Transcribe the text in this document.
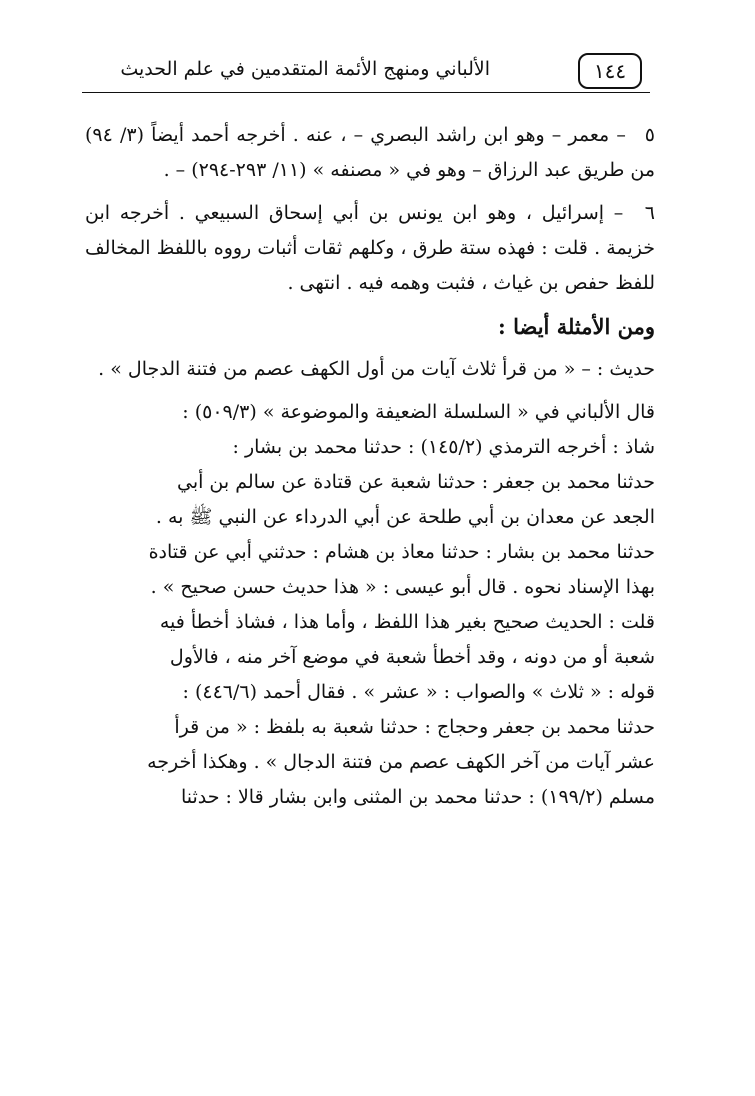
الألباني ومنهج الأئمة المتقدمين في علم الحديث	١٤٤

٥ – معمر – وهو ابن راشد البصري – ، عنه . أخرجه أحمد أيضاً (٣/ ٩٤) من طريق عبد الرزاق – وهو في « مصنفه » (١١/ ٢٩٣-٢٩٤) – .

٦ – إسرائيل ، وهو ابن يونس بن أبي إسحاق السبيعي . أخرجه ابن خزيمة . قلت : فهذه ستة طرق ، وكلهم ثقات أثبات رووه باللفظ المخالف للفظ حفص بن غياث ، فثبت وهمه فيه . انتهى .

ومن الأمثلة أيضا :

حديث : – « من قرأ ثلاث آيات من أول الكهف عصم من فتنة الدجال » .

قال الألباني في « السلسلة الضعيفة والموضوعة » (٥٠٩/٣) :

شاذ : أخرجه الترمذي (١٤٥/٢) : حدثنا محمد بن بشار :
حدثنا محمد بن جعفر : حدثنا شعبة عن قتادة عن سالم بن أبي
الجعد عن معدان بن أبي طلحة عن أبي الدرداء عن النبي ﷺ به .
حدثنا محمد بن بشار : حدثنا معاذ بن هشام : حدثني أبي عن قتادة
بهذا الإسناد نحوه . قال أبو عيسى : « هذا حديث حسن صحيح » .
قلت : الحديث صحيح بغير هذا اللفظ ، وأما هذا ، فشاذ أخطأ فيه
شعبة أو من دونه ، وقد أخطأ شعبة في موضع آخر منه ، فالأول
قوله : « ثلاث » والصواب : « عشر » . فقال أحمد (٤٤٦/٦) :
حدثنا محمد بن جعفر وحجاج : حدثنا شعبة به بلفظ : « من قرأ
عشر آيات من آخر الكهف عصم من فتنة الدجال » . وهكذا أخرجه
مسلم (١٩٩/٢) : حدثنا محمد بن المثنى وابن بشار قالا : حدثنا
